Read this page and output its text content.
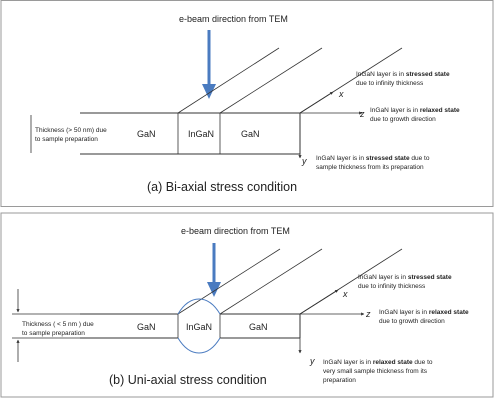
e-beam direction from TEM
GaN	InGaN	GaN
Thickness (> 50 nm) due
to sample preparation
x
z
y
InGaN layer is in stressed state
due to infinity thickness
InGaN layer is in relaxed state
due to growth direction
InGaN layer is in stressed state due to
sample thickness from its preparation
(a) Bi-axial stress condition
e-beam direction from TEM
GaN	InGaN	GaN
Thickness ( < 5 nm ) due
to sample preparation
x
z
y
InGaN layer is in stressed state
due to infinity thickness
InGaN layer is in relaxed state
due to growth direction
InGaN layer is in relaxed state due to
very small sample thickness from its
preparation
(b) Uni-axial stress condition
